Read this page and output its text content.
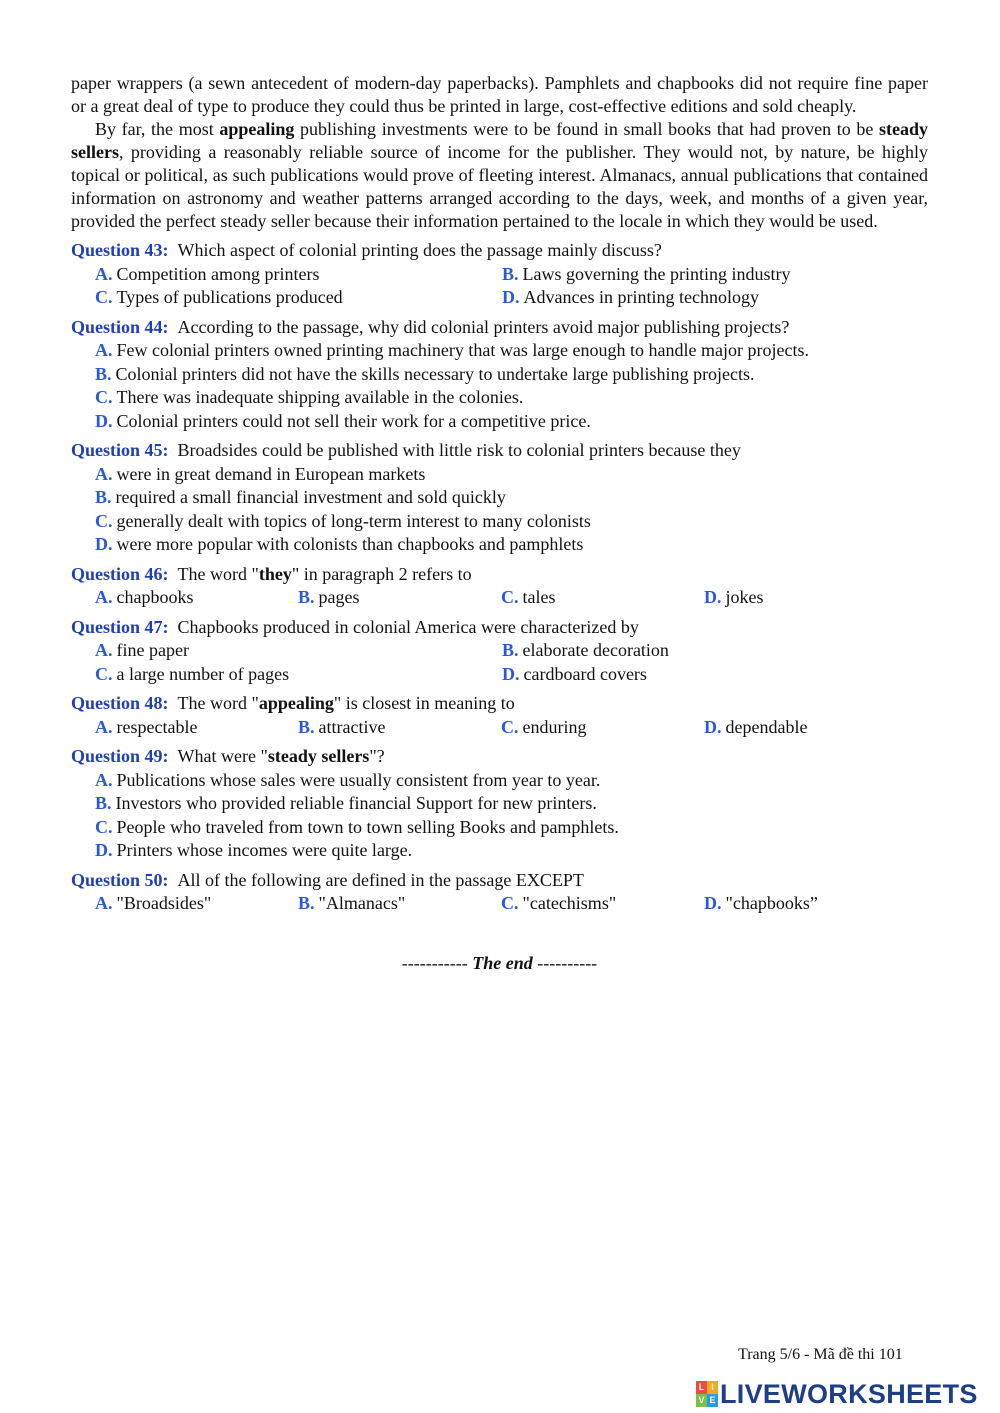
paper wrappers (a sewn antecedent of modern-day paperbacks). Pamphlets and chapbooks did not require fine paper or a great deal of type to produce they could thus be printed in large, cost-effective editions and sold cheaply.

By far, the most appealing publishing investments were to be found in small books that had proven to be steady sellers, providing a reasonably reliable source of income for the publisher. They would not, by nature, be highly topical or political, as such publications would prove of fleeting interest. Almanacs, annual publications that contained information on astronomy and weather patterns arranged according to the days, week, and months of a given year, provided the perfect steady seller because their information pertained to the locale in which they would be used.

Question 43: Which aspect of colonial printing does the passage mainly discuss?
A. Competition among printers	B. Laws governing the printing industry
C. Types of publications produced	D. Advances in printing technology
Question 44: According to the passage, why did colonial printers avoid major publishing projects?
A. Few colonial printers owned printing machinery that was large enough to handle major projects.
B. Colonial printers did not have the skills necessary to undertake large publishing projects.
C. There was inadequate shipping available in the colonies.
D. Colonial printers could not sell their work for a competitive price.
Question 45: Broadsides could be published with little risk to colonial printers because they
A. were in great demand in European markets
B. required a small financial investment and sold quickly
C. generally dealt with topics of long-term interest to many colonists
D. were more popular with colonists than chapbooks and pamphlets
Question 46: The word "they" in paragraph 2 refers to
A. chapbooks	B. pages	C. tales	D. jokes
Question 47: Chapbooks produced in colonial America were characterized by
A. fine paper	B. elaborate decoration
C. a large number of pages	D. cardboard covers
Question 48: The word "appealing" is closest in meaning to
A. respectable	B. attractive	C. enduring	D. dependable
Question 49: What were "steady sellers"?
A. Publications whose sales were usually consistent from year to year.
B. Investors who provided reliable financial Support for new printers.
C. People who traveled from town to town selling Books and pamphlets.
D. Printers whose incomes were quite large.
Question 50: All of the following are defined in the passage EXCEPT
A. "Broadsides"	B. "Almanacs"	C. "catechisms"	D. "chapbooks”
----------- The end ----------
Trang 5/6 - Mã đề thi 101
L I
V E LIVEWORKSHEETS
